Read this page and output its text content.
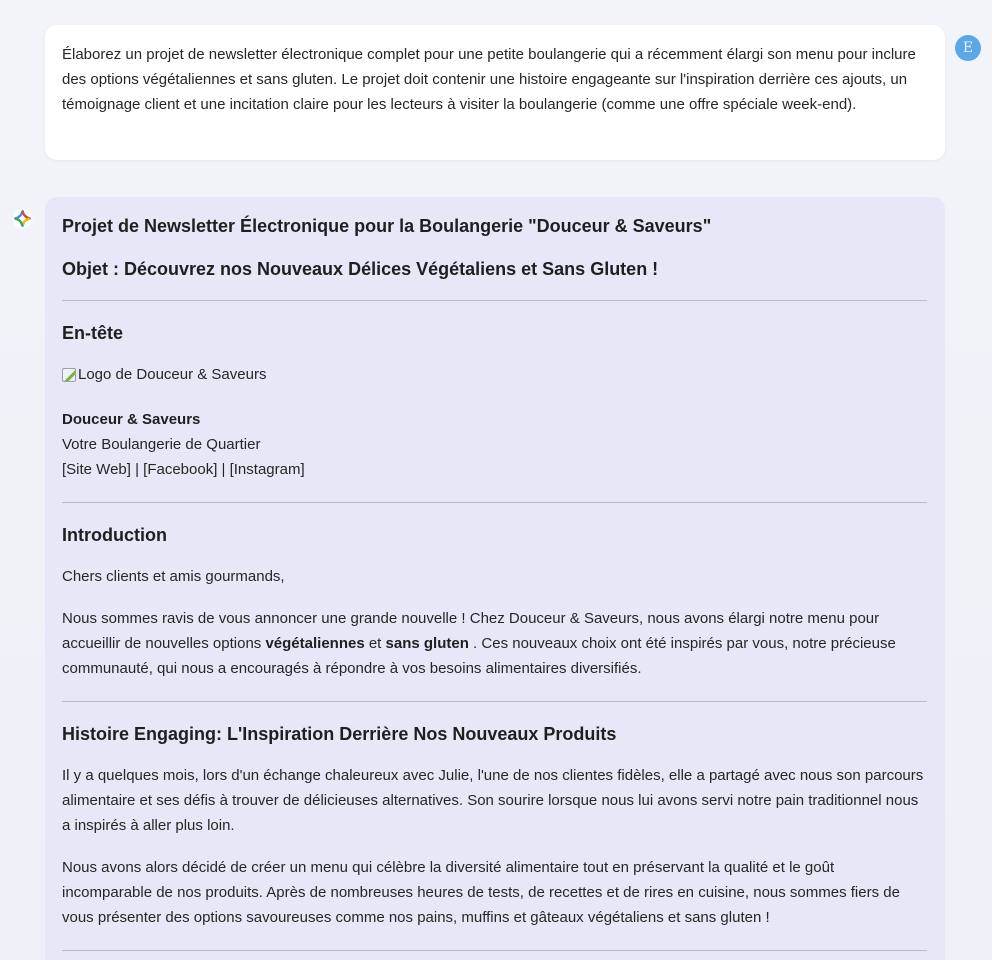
Élaborez un projet de newsletter électronique complet pour une petite boulangerie qui a récemment élargi son menu pour inclure des options végétaliennes et sans gluten. Le projet doit contenir une histoire engageante sur l'inspiration derrière ces ajouts, un témoignage client et une incitation claire pour les lecteurs à visiter la boulangerie (comme une offre spéciale week-end).
E
Projet de Newsletter Électronique pour la Boulangerie "Douceur & Saveurs"
Objet : Découvrez nos Nouveaux Délices Végétaliens et Sans Gluten !
En-tête
Logo de Douceur & Saveurs
Douceur & Saveurs
Votre Boulangerie de Quartier
[Site Web] | [Facebook] | [Instagram]
Introduction

Chers clients et amis gourmands,

Nous sommes ravis de vous annoncer une grande nouvelle ! Chez Douceur & Saveurs, nous avons élargi notre menu pour accueillir de nouvelles options végétaliennes et sans gluten . Ces nouveaux choix ont été inspirés par vous, notre précieuse communauté, qui nous a encouragés à répondre à vos besoins alimentaires diversifiés.

Histoire Engaging: L'Inspiration Derrière Nos Nouveaux Produits

Il y a quelques mois, lors d'un échange chaleureux avec Julie, l'une de nos clientes fidèles, elle a partagé avec nous son parcours alimentaire et ses défis à trouver de délicieuses alternatives. Son sourire lorsque nous lui avons servi notre pain traditionnel nous a inspirés à aller plus loin.

Nous avons alors décidé de créer un menu qui célèbre la diversité alimentaire tout en préservant la qualité et le goût incomparable de nos produits. Après de nombreuses heures de tests, de recettes et de rires en cuisine, nous sommes fiers de vous présenter des options savoureuses comme nos pains, muffins et gâteaux végétaliens et sans gluten !
